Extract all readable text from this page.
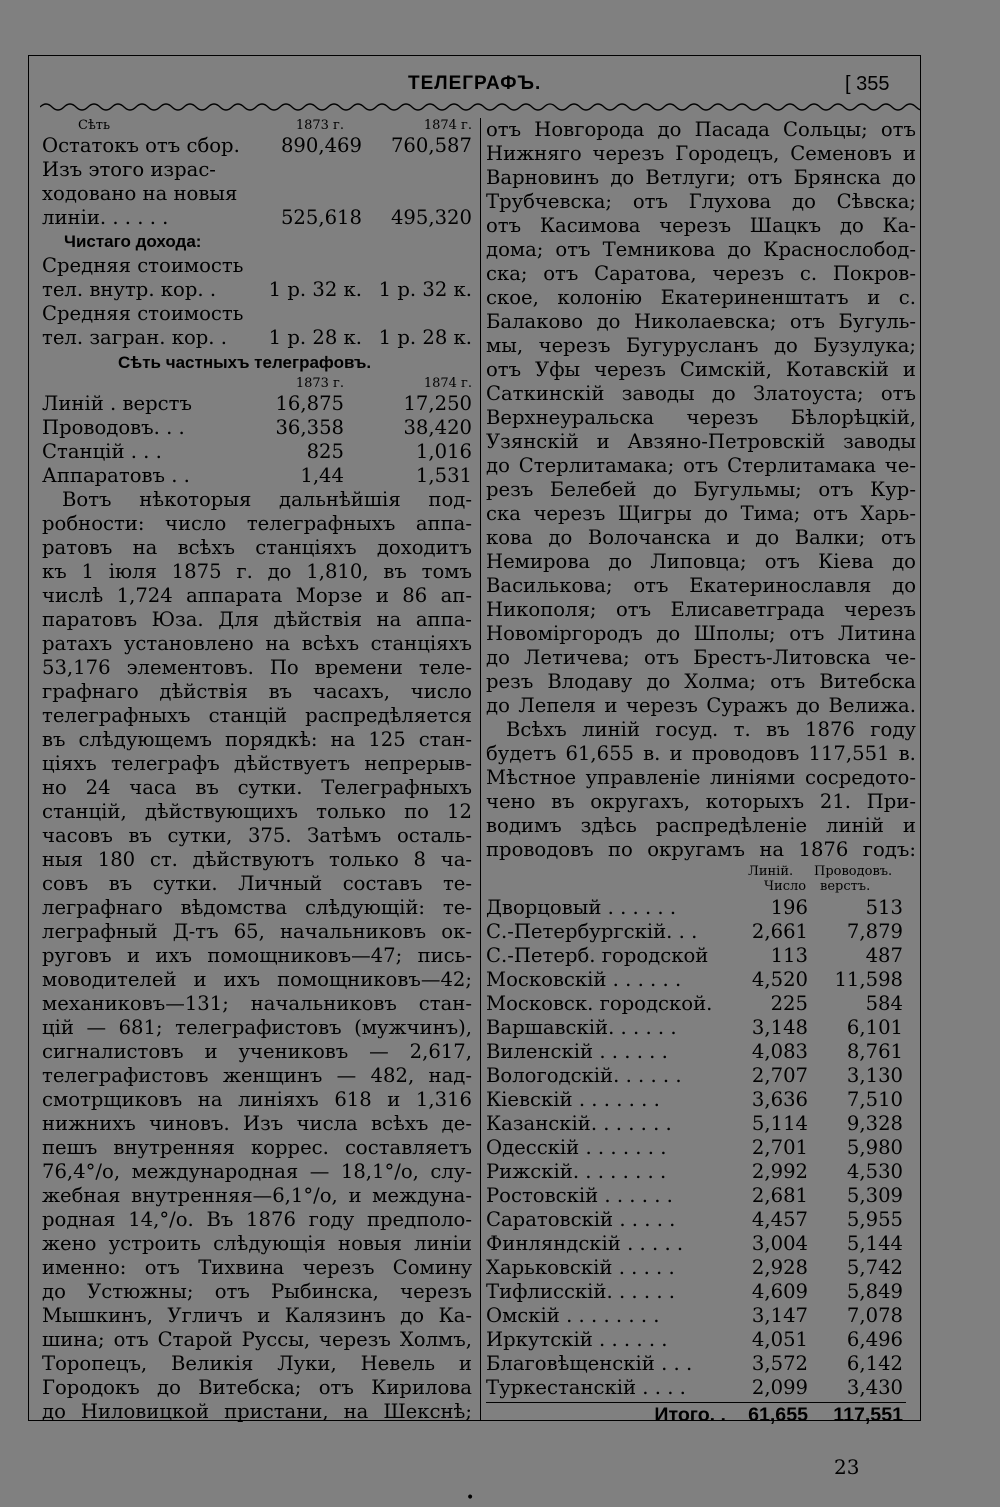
ТЕЛЕГРАФЪ.	[ 355
Сѣть	1873 г.	1874 г.
Остатокъ отъ сбор.	890,469	760,587
Изъ этого израс-
ходовано на новыя
линіи. . . . . .	525,618	495,320
Чистаго дохода:
Средняя стоимость
тел. внутр. кор. .	1 р. 32 к. 1 р. 32 к.
Средняя стоимость
тел. загран. кор. .	1 р. 28 к. 1 р. 28 к.
Сѣть частныхъ телеграфовъ.
1873 г.	1874 г.
Линій . верстъ	16,875	17,250
Проводовъ. . .	36,358	38,420
Станцій . . .	825	1,016
Аппаратовъ . .	1,44	1,531
Вотъ нѣкоторыя дальнѣйшія под-
робности: число телеграфныхъ аппа-
ратовъ на всѣхъ станціяхъ доходитъ
къ 1 іюля 1875 г. до 1,810, въ томъ
числѣ 1,724 аппарата Морзе и 86 ап-
паратовъ Юза. Для дѣйствія на аппа-
ратахъ установлено на всѣхъ станціяхъ
53,176 элементовъ. По времени теле-
графнаго дѣйствія въ часахъ, число
телеграфныхъ станцій распредѣляется
въ слѣдующемъ порядкѣ: на 125 стан-
ціяхъ телеграфъ дѣйствуетъ непрерыв-
но 24 часа въ сутки. Телеграфныхъ
станцій, дѣйствующихъ только по 12
часовъ въ сутки, 375. Затѣмъ осталь-
ныя 180 ст. дѣйствуютъ только 8 ча-
совъ въ сутки. Личный составъ те-
леграфнаго вѣдомства слѣдующій: те-
леграфный Д-тъ 65, начальниковъ ок-
руговъ и ихъ помощниковъ—47; пись-
моводителей и ихъ помощниковъ—42;
механиковъ—131; начальниковъ стан-
цій — 681; телеграфистовъ (мужчинъ),
сигналистовъ и учениковъ — 2,617,
телеграфистовъ женщинъ — 482, над-
смотрщиковъ на линіяхъ 618 и 1,316
нижнихъ чиновъ. Изъ числа всѣхъ де-
пешъ внутренняя коррес. составляетъ
76,4°/о, международная — 18,1°/о, слу-
жебная внутренняя—6,1°/о, и междуна-
родная 14,°/о. Въ 1876 году предполо-
жено устроить слѣдующія новыя линіи
именно: отъ Тихвина черезъ Соминy
до Устюжны; отъ Рыбинска, черезъ
Мышкинъ, Угличъ и Калязинъ до Ка-
шина; отъ Старой Руссы, черезъ Холмъ,
Торопецъ, Великія Луки, Невель и
Городокъ до Витебска; отъ Кирилова
до Ниловицкой пристани, на Шекснѣ;
отъ Новгорода до Пасада Сольцы; отъ
Нижняго черезъ Городецъ, Семеновъ и
Варновинъ до Ветлуги; отъ Брянска до
Трубчевска; отъ Глухова до Сѣвска;
отъ Касимова черезъ Шацкъ до Ка-
дома; отъ Темникова до Краснослобод-
ска; отъ Саратова, черезъ с. Покров-
ское, колонію Екатериненштатъ и с.
Балаково до Николаевска; отъ Бугуль-
мы, черезъ Бугурусланъ до Бузулука;
отъ Уфы черезъ Симскій, Котавскій и
Саткинскій заводы до Златоуста; отъ
Верхнеуральска черезъ Бѣлорѣцкій,
Узянскій и Авзяно-Петровскій заводы
до Стерлитамака; отъ Стерлитамака че-
резъ Белебей до Бугульмы; отъ Кур-
ска черезъ Щигры до Тима; отъ Харь-
кова до Волочанска и до Валки; отъ
Немирова до Липовца; отъ Кіева до
Василькова; отъ Екатеринославля до
Никополя; отъ Елисаветграда черезъ
Новоміргородъ до Шполы; отъ Литина
до Летичева; отъ Брестъ-Литовска че-
резъ Влодаву до Холма; отъ Витебска
до Лепеля и черезъ Суражъ до Велижа.
Всѣхъ линій госуд. т. въ 1876 году
будетъ 61,655 в. и проводовъ 117,551 в.
Мѣстное управленіе линіями сосредото-
чено въ округахъ, которыхъ 21. При-
водимъ здѣсь распредѣленіе линій и
проводовъ по округамъ на 1876 годъ:
Линій.
Число
Проводовъ.
верстъ.
Дворцовый . . . . . .	196	513
С.-Петербургскій. . .	2,661	7,879
С.-Петерб. городской	113	487
Московскій . . . . . .	4,520	11,598
Московск. городской.	225	584
Варшавскій. . . . . .	3,148	6,101
Виленскій . . . . . .	4,083	8,761
Вологодскій. . . . . .	2,707	3,130
Кіевскій . . . . . . .	3,636	7,510
Казанскій. . . . . . .	5,114	9,328
Одесскій . . . . . . .	2,701	5,980
Рижскій. . . . . . . .	2,992	4,530
Ростовскій . . . . . .	2,681	5,309
Саратовскій . . . . .	4,457	5,955
Финляндскій . . . . .	3,004	5,144
Харьковскій . . . . .	2,928	5,742
Тифлисскій. . . . . .	4,609	5,849
Омскій . . . . . . . .	3,147	7,078
Иркутскій . . . . . .	4,051	6,496
Благовѣщенскій . . .	3,572	6,142
Туркестанскій . . . .	2,099	3,430
Итого. .	61,655	117,551
23
•
